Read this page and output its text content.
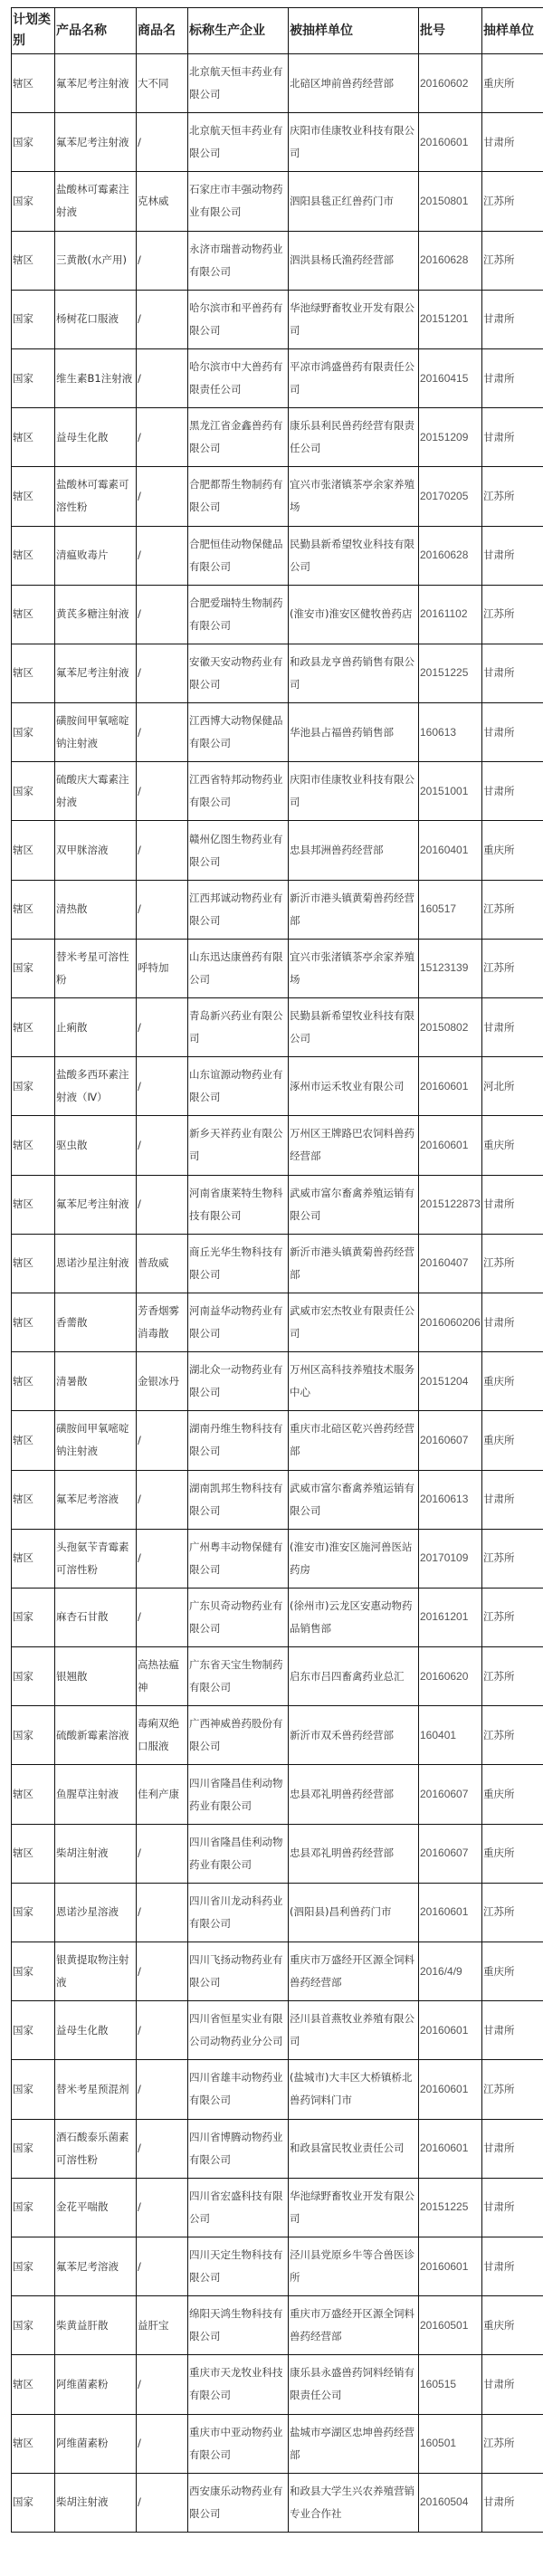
计划类别	产品名称	商品名	标称生产企业	被抽样单位	批号	抽样单位
辖区	氟苯尼考注射液	大不同	北京航天恒丰药业有限公司	北碚区坤前兽药经营部	20160602	重庆所
国家	氟苯尼考注射液	/	北京航天恒丰药业有限公司	庆阳市佳康牧业科技有限公司	20160601	甘肃所
国家	盐酸林可霉素注射液	克林威	石家庄市丰强动物药业有限公司	泗阳县毯正红兽药门市	20150801	江苏所
辖区	三黄散(水产用)	/	永济市瑞普动物药业有限公司	泗洪县杨氏渔药经营部	20160628	江苏所
国家	杨树花口服液	/	哈尔滨市和平兽药有限公司	华池绿野畜牧业开发有限公司	20151201	甘肃所
国家	维生素B1注射液	/	哈尔滨市中大兽药有限责任公司	平凉市鸿盛兽药有限责任公司	20160415	甘肃所
辖区	益母生化散	/	黑龙江省金鑫兽药有限公司	康乐县利民兽药经营有限责任公司	20151209	甘肃所
辖区	盐酸林可霉素可溶性粉	/	合肥都帮生物制药有限公司	宜兴市张渚镇茶亭余家养殖场	20170205	江苏所
辖区	清瘟败毒片	/	合肥恒佳动物保健品有限公司	民勤县新希望牧业科技有限公司	20160628	甘肃所
辖区	黄芪多糖注射液	/	合肥爱瑞特生物制药有限公司	(淮安市)淮安区健牧兽药店	20161102	江苏所
辖区	氟苯尼考注射液	/	安徽天安动物药业有限公司	和政县龙亨兽药销售有限公司	20151225	甘肃所
国家	磺胺间甲氧嘧啶钠注射液	/	江西博大动物保健品有限公司	华池县占福兽药销售部	160613	甘肃所
国家	硫酸庆大霉素注射液	/	江西省特邦动物药业有限公司	庆阳市佳康牧业科技有限公司	20151001	甘肃所
辖区	双甲脒溶液	/	赣州亿图生物药业有限公司	忠县邦洲兽药经营部	20160401	重庆所
辖区	清热散	/	江西邦诚动物药业有限公司	新沂市港头镇黄菊兽药经营部	160517	江苏所
国家	替米考星可溶性粉	呼特加	山东迅达康兽药有限公司	宜兴市张渚镇茶亭余家养殖场	15123139	江苏所
辖区	止痢散	/	青岛新兴药业有限公司	民勤县新希望牧业科技有限公司	20150802	甘肃所
国家	盐酸多西环素注射液（Ⅳ）	/	山东谊源动物药业有限公司	涿州市运禾牧业有限公司	20160601	河北所
辖区	驱虫散	/	新乡天祥药业有限公司	万州区王牌路巴农饲料兽药经营部	20160601	重庆所
辖区	氟苯尼考注射液	/	河南省康莱特生物科技有限公司	武威市富尔畜禽养殖运销有限公司	2015122873	甘肃所
辖区	恩诺沙星注射液	普敌威	商丘光华生物科技有限公司	新沂市港头镇黄菊兽药经营部	20160407	江苏所
辖区	香薷散	芳香烟雾消毒散	河南益华动物药业有限公司	武威市宏杰牧业有限责任公司	2016060206	甘肃所
辖区	清暑散	金银冰丹	湖北众一动物药业有限公司	万州区高科技养殖技术服务中心	20151204	重庆所
辖区	磺胺间甲氧嘧啶钠注射液	/	湖南丹维生物科技有限公司	重庆市北碚区乾兴兽药经营部	20160607	重庆所
辖区	氟苯尼考溶液	/	湖南凯邦生物科技有限公司	武威市富尔畜禽养殖运销有限公司	20160613	甘肃所
辖区	头孢氨苄青霉素可溶性粉	/	广州粤丰动物保健有限公司	(淮安市)淮安区施河兽医站药房	20170109	江苏所
国家	麻杏石甘散	/	广东贝奇动物药业有限公司	(徐州市)云龙区安惠动物药品销售部	20161201	江苏所
国家	银翘散	高热祛瘟神	广东省天宝生物制药有限公司	启东市吕四畜禽药业总汇	20160620	江苏所
国家	硫酸新霉素溶液	毒痢双绝口服液	广西神威兽药股份有限公司	新沂市双禾兽药经营部	160401	江苏所
辖区	鱼腥草注射液	佳利产康	四川省隆昌佳利动物药业有限公司	忠县邓礼明兽药经营部	20160607	重庆所
辖区	柴胡注射液	/	四川省隆昌佳利动物药业有限公司	忠县邓礼明兽药经营部	20160607	重庆所
国家	恩诺沙星溶液	/	四川省川龙动科药业有限公司	(泗阳县)昌利兽药门市	20160601	江苏所
国家	银黄提取物注射液	/	四川飞扬动物药业有限公司	重庆市万盛经开区源全饲料兽药经营部	2016/4/9	重庆所
国家	益母生化散	/	四川省恒星实业有限公司动物药业分公司	泾川县首燕牧业养殖有限公司	20160601	甘肃所
国家	替米考星预混剂	/	四川省雄丰动物药业有限公司	(盐城市)大丰区大桥镇桥北兽药饲料门市	20160601	江苏所
国家	酒石酸泰乐菌素可溶性粉	/	四川省博腾动物药业有限公司	和政县富民牧业责任公司	20160601	甘肃所
国家	金花平喘散	/	四川省宏盛科技有限公司	华池绿野畜牧业开发有限公司	20151225	甘肃所
国家	氟苯尼考溶液	/	四川天定生物科技有限公司	泾川县党原乡牛等合兽医诊所	20160601	甘肃所
国家	柴黄益肝散	益肝宝	绵阳天鸿生物科技有限公司	重庆市万盛经开区源全饲料兽药经营部	20160501	重庆所
辖区	阿维菌素粉	/	重庆市天龙牧业科技有限公司	康乐县永盛兽药饲料经销有限责任公司	160515	甘肃所
辖区	阿维菌素粉	/	重庆市中亚动物药业有限公司	盐城市亭湖区忠坤兽药经营部	160501	江苏所
国家	柴胡注射液	/	西安康乐动物药业有限公司	和政县大学生兴农养殖营销专业合作社	20160504	甘肃所
